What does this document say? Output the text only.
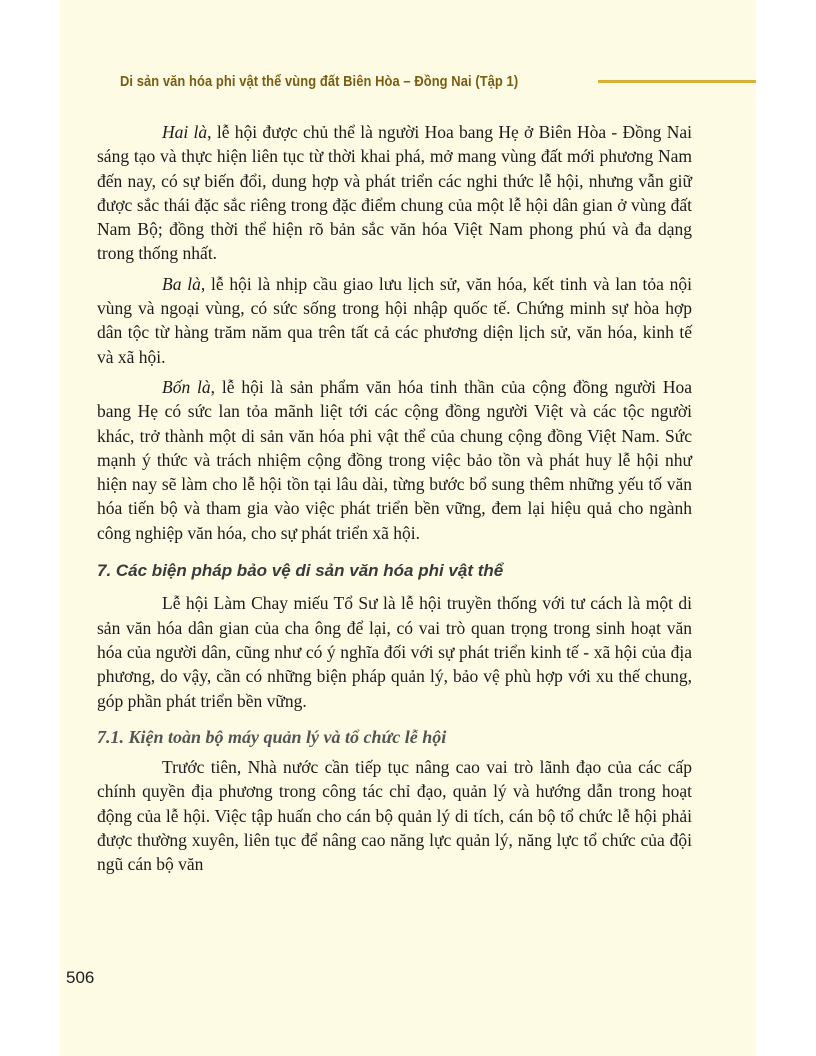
Di sản văn hóa phi vật thể vùng đất Biên Hòa – Đồng Nai (Tập 1)

Hai là, lễ hội được chủ thể là người Hoa bang Hẹ ở Biên Hòa - Đồng Nai sáng tạo và thực hiện liên tục từ thời khai phá, mở mang vùng đất mới phương Nam đến nay, có sự biến đổi, dung hợp và phát triển các nghi thức lễ hội, nhưng vẫn giữ được sắc thái đặc sắc riêng trong đặc điểm chung của một lễ hội dân gian ở vùng đất Nam Bộ; đồng thời thể hiện rõ bản sắc văn hóa Việt Nam phong phú và đa dạng trong thống nhất.

Ba là, lễ hội là nhịp cầu giao lưu lịch sử, văn hóa, kết tinh và lan tỏa nội vùng và ngoại vùng, có sức sống trong hội nhập quốc tế. Chứng minh sự hòa hợp dân tộc từ hàng trăm năm qua trên tất cả các phương diện lịch sử, văn hóa, kinh tế và xã hội.

Bốn là, lễ hội là sản phẩm văn hóa tinh thần của cộng đồng người Hoa bang Hẹ có sức lan tỏa mãnh liệt tới các cộng đồng người Việt và các tộc người khác, trở thành một di sản văn hóa phi vật thể của chung cộng đồng Việt Nam. Sức mạnh ý thức và trách nhiệm cộng đồng trong việc bảo tồn và phát huy lễ hội như hiện nay sẽ làm cho lễ hội tồn tại lâu dài, từng bước bổ sung thêm những yếu tố văn hóa tiến bộ và tham gia vào việc phát triển bền vững, đem lại hiệu quả cho ngành công nghiệp văn hóa, cho sự phát triển xã hội.

7. Các biện pháp bảo vệ di sản văn hóa phi vật thể

Lễ hội Làm Chay miếu Tổ Sư là lễ hội truyền thống với tư cách là một di sản văn hóa dân gian của cha ông để lại, có vai trò quan trọng trong sinh hoạt văn hóa của người dân, cũng như có ý nghĩa đối với sự phát triển kinh tế - xã hội của địa phương, do vậy, cần có những biện pháp quản lý, bảo vệ phù hợp với xu thế chung, góp phần phát triển bền vững.

7.1. Kiện toàn bộ máy quản lý và tổ chức lễ hội

Trước tiên, Nhà nước cần tiếp tục nâng cao vai trò lãnh đạo của các cấp chính quyền địa phương trong công tác chỉ đạo, quản lý và hướng dẫn trong hoạt động của lễ hội. Việc tập huấn cho cán bộ quản lý di tích, cán bộ tổ chức lễ hội phải được thường xuyên, liên tục để nâng cao năng lực quản lý, năng lực tổ chức của đội ngũ cán bộ văn

506
